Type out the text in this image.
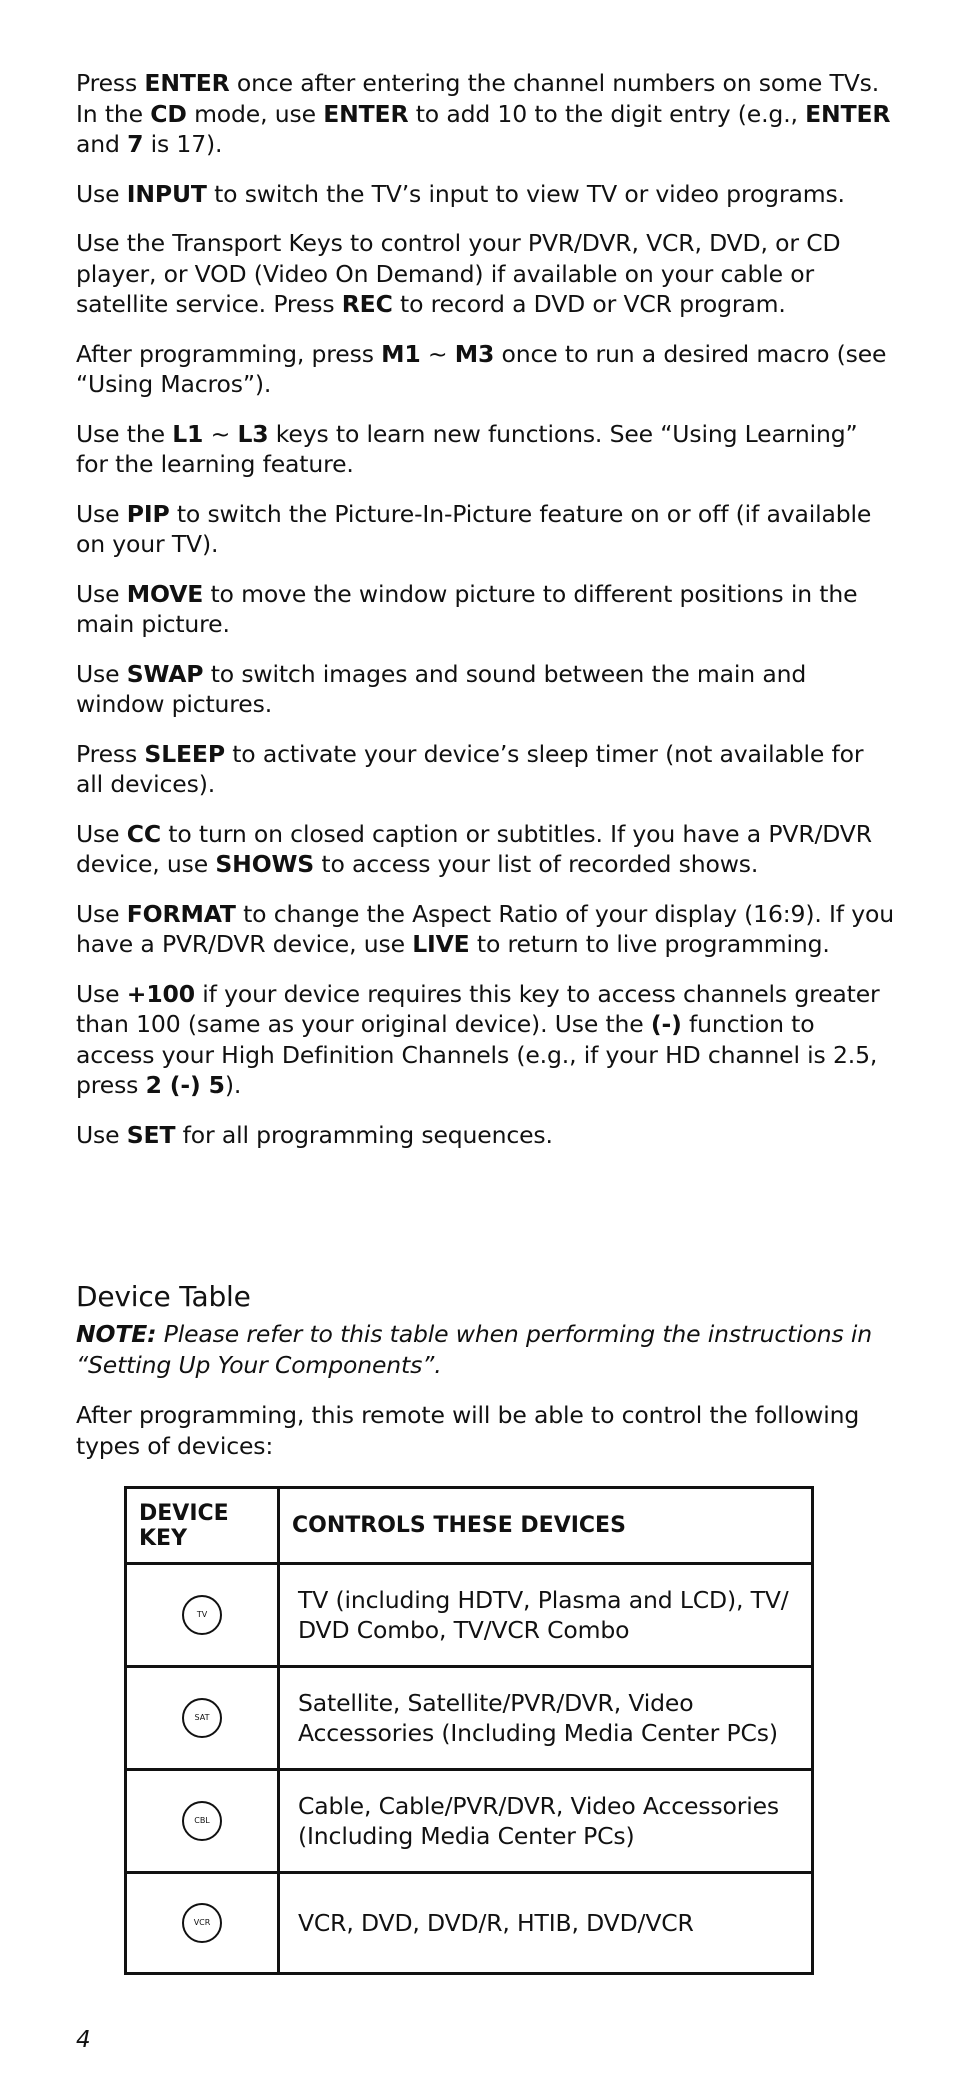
Press ENTER once after entering the channel numbers on some TVs. In the CD mode, use ENTER to add 10 to the digit entry (e.g., ENTER and 7 is 17).

Use INPUT to switch the TV’s input to view TV or video programs.

Use the Transport Keys to control your PVR/DVR, VCR, DVD, or CD player, or VOD (Video On Demand) if available on your cable or satellite service. Press REC to record a DVD or VCR program.

After programming, press M1 ~ M3 once to run a desired macro (see “Using Macros”).

Use the L1 ~ L3 keys to learn new functions. See “Using Learning” for the learning feature.

Use PIP to switch the Picture-In-Picture feature on or off (if available on your TV).

Use MOVE to move the window picture to different positions in the main picture.

Use SWAP to switch images and sound between the main and window pictures.

Press SLEEP to activate your device’s sleep timer (not available for all devices).

Use CC to turn on closed caption or subtitles. If you have a PVR/DVR device, use SHOWS to access your list of recorded shows.

Use FORMAT to change the Aspect Ratio of your display (16:9). If you have a PVR/DVR device, use LIVE to return to live programming.

Use +100 if your device requires this key to access channels greater than 100 (same as your original device). Use the (-) function to access your High Definition Channels (e.g., if your HD channel is 2.5, press 2 (-) 5).

Use SET for all programming sequences.

Device Table

NOTE: Please refer to this table when performing the instructions in “Setting Up Your Components”.

After programming, this remote will be able to control the following types of devices:

DEVICE KEY	CONTROLS THESE DEVICES
TV	TV (including HDTV, Plasma and LCD), TV/ DVD Combo, TV/VCR Combo
SAT	Satellite, Satellite/PVR/DVR, Video Accessories (Including Media Center PCs)
CBL	Cable, Cable/PVR/DVR, Video Accessories (Including Media Center PCs)
VCR	VCR, DVD, DVD/R, HTIB, DVD/VCR
4
